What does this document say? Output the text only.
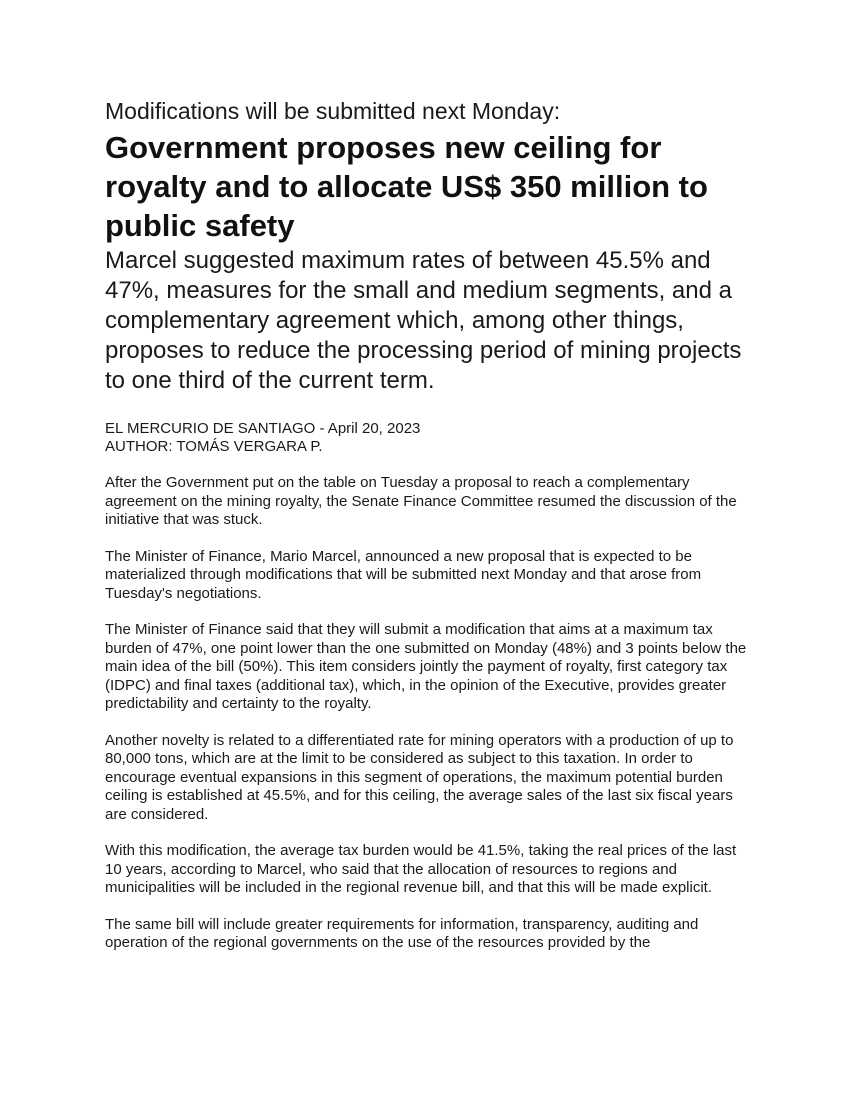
Modifications will be submitted next Monday:
Government proposes new ceiling for royalty and to allocate US$ 350 million to public safety
Marcel suggested maximum rates of between 45.5% and 47%, measures for the small and medium segments, and a complementary agreement which, among other things, proposes to reduce the processing period of mining projects to one third of the current term.
EL MERCURIO DE SANTIAGO - April 20, 2023
AUTHOR: TOMÁS VERGARA P.

After the Government put on the table on Tuesday a proposal to reach a complementary agreement on the mining royalty, the Senate Finance Committee resumed the discussion of the initiative that was stuck.

The Minister of Finance, Mario Marcel, announced a new proposal that is expected to be materialized through modifications that will be submitted next Monday and that arose from Tuesday's negotiations.

The Minister of Finance said that they will submit a modification that aims at a maximum tax burden of 47%, one point lower than the one submitted on Monday (48%) and 3 points below the main idea of the bill (50%). This item considers jointly the payment of royalty, first category tax (IDPC) and final taxes (additional tax), which, in the opinion of the Executive, provides greater predictability and certainty to the royalty.

Another novelty is related to a differentiated rate for mining operators with a production of up to 80,000 tons, which are at the limit to be considered as subject to this taxation. In order to encourage eventual expansions in this segment of operations, the maximum potential burden ceiling is established at 45.5%, and for this ceiling, the average sales of the last six fiscal years are considered.

With this modification, the average tax burden would be 41.5%, taking the real prices of the last 10 years, according to Marcel, who said that the allocation of resources to regions and municipalities will be included in the regional revenue bill, and that this will be made explicit.

The same bill will include greater requirements for information, transparency, auditing and operation of the regional governments on the use of the resources provided by the
